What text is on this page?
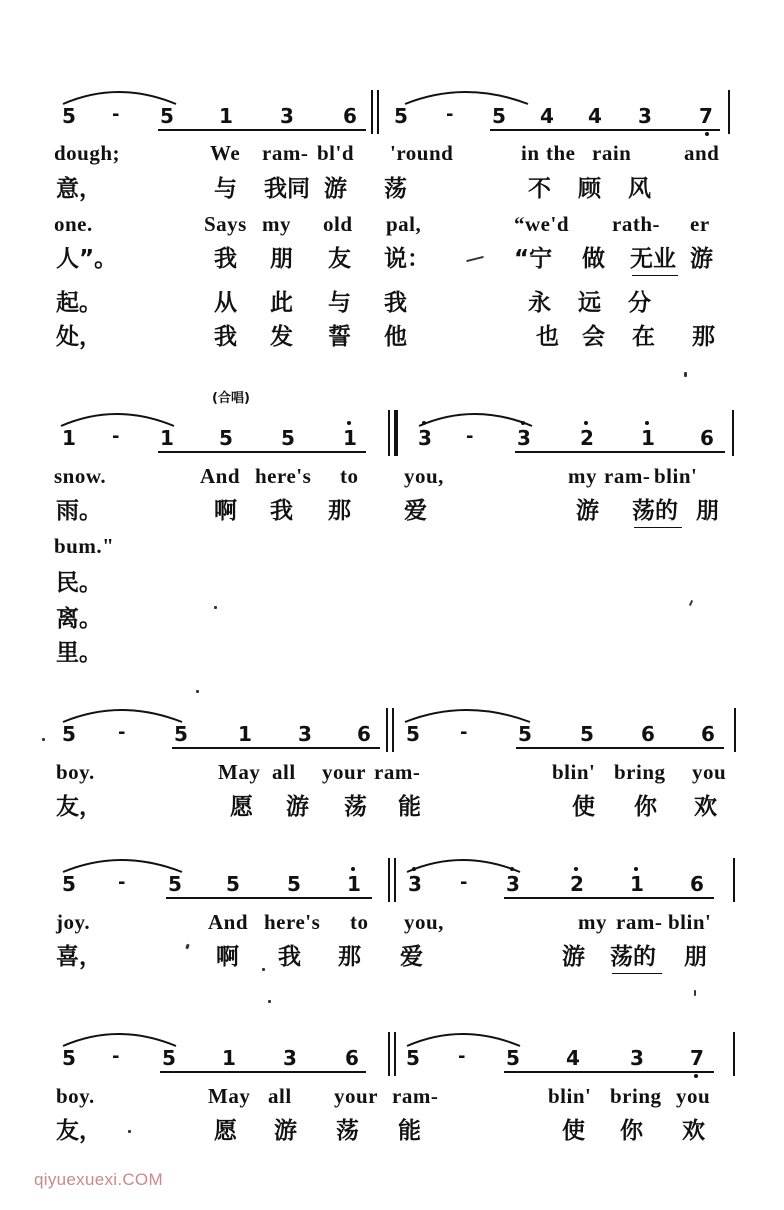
5 - 5 1 3 6 5 - 5 4 4 3 7
dough;	We ram- bl'd 'round	in the rain	and
意，	与 我同 游 荡	不 顾 风
one.	Says my old pal,	“we'd rath- er
人”。	我 朋 友 说：	“宁 做 无业 游
起。	从 此 与 我	永 远 分
处，	我 发 誓 他	也 会 在 那
(合唱)
1 - 1 5 5 1	3 - 3 2 1 6
snow.	And here's to you,	my ram- blin'
雨。	啊 我 那 爱	游 荡的 朋
bum."
民。
离。
里。
5 - 5	1 3 6 5 -	5 5 6 6
boy.	May all your ram-	blin' bring you
友，	愿 游 荡 能	使 你 欢
5 - 5 5 5 1 3 - 3	2 1 6
joy.	And here's to you,	my ram- blin'
喜，	啊 我 那 爱	游 荡的 朋
5 - 5 1 3 6 5 - 5 4	3 7
boy.	May all your ram-	blin' bring you
友，	愿 游 荡 能	使 你 欢
qiyuexuexi.COM
